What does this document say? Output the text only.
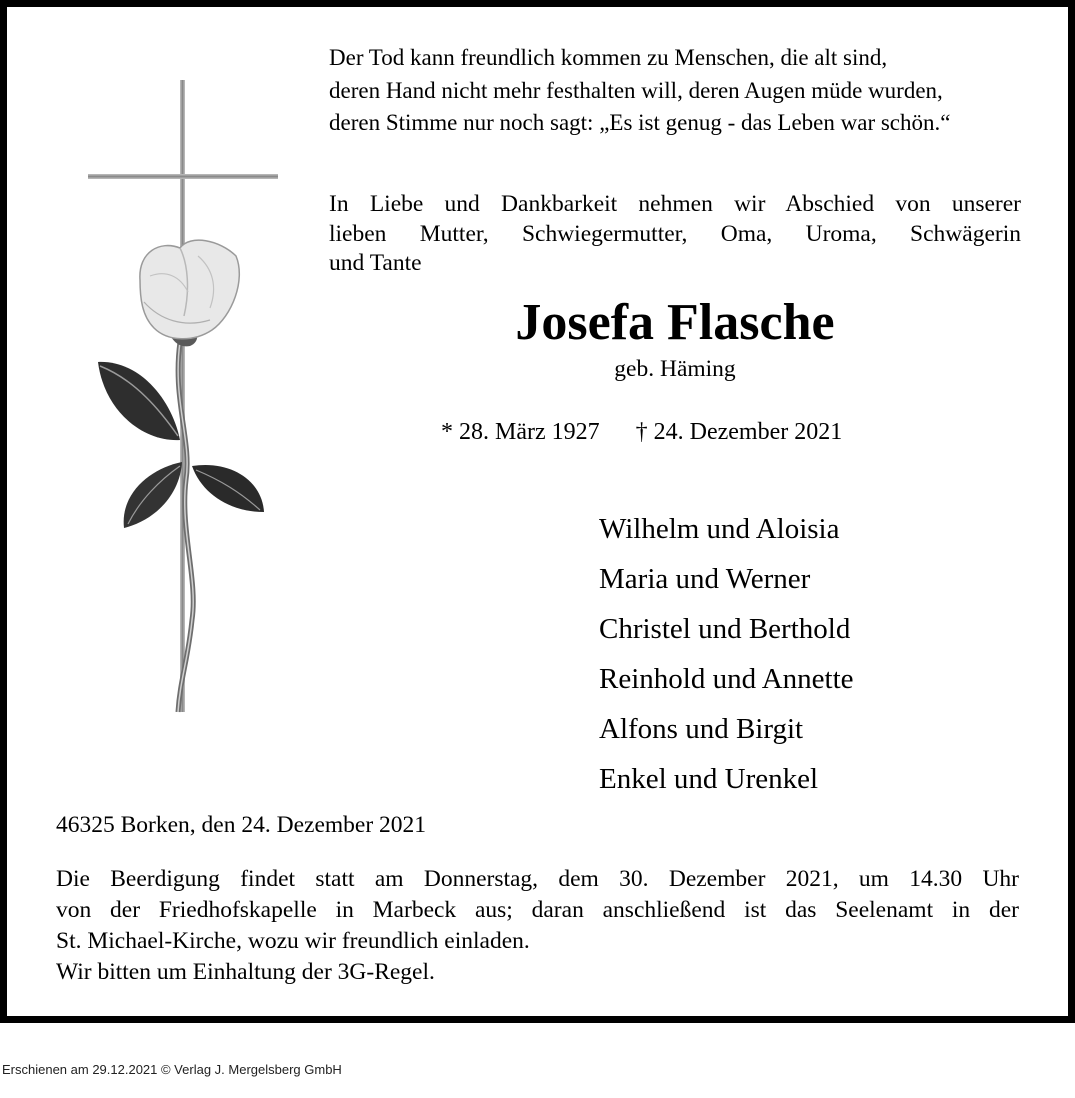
Der Tod kann freundlich kommen zu Menschen, die alt sind,
deren Hand nicht mehr festhalten will, deren Augen müde wurden,
deren Stimme nur noch sagt: „Es ist genug - das Leben war schön.“
In Liebe und Dankbarkeit nehmen wir Abschied von unserer
lieben Mutter, Schwiegermutter, Oma, Uroma, Schwägerin
und Tante
Josefa Flasche
geb. Häming
* 28. März 1927 † 24. Dezember 2021
Wilhelm und Aloisia
Maria und Werner
Christel und Berthold
Reinhold und Annette
Alfons und Birgit
Enkel und Urenkel
46325 Borken, den 24. Dezember 2021
Die Beerdigung findet statt am Donnerstag, dem 30. Dezember 2021, um 14.30 Uhr
von der Friedhofskapelle in Marbeck aus; daran anschließend ist das Seelenamt in der
St. Michael-Kirche, wozu wir freundlich einladen.
Wir bitten um Einhaltung der 3G-Regel.
Erschienen am 29.12.2021 © Verlag J. Mergelsberg GmbH
